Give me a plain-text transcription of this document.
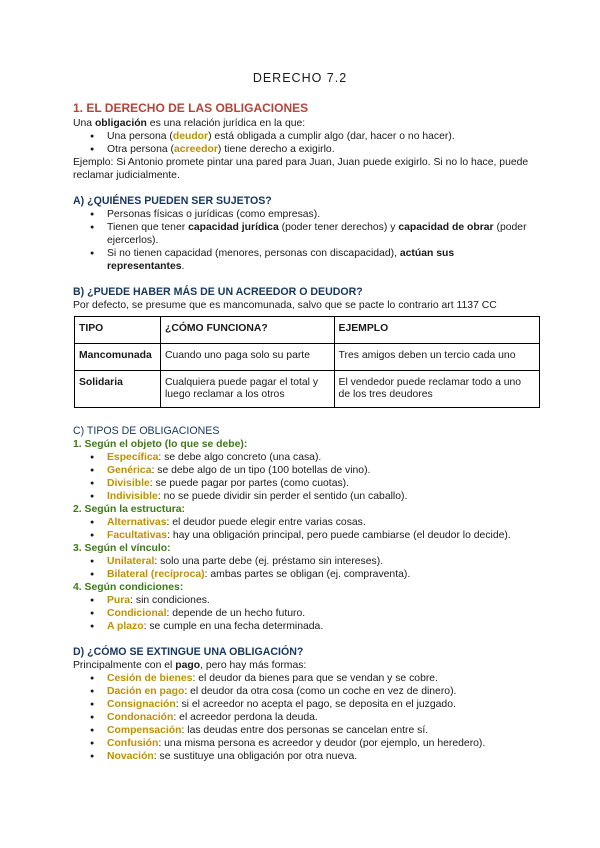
DERECHO 7.2
1. EL DERECHO DE LAS OBLIGACIONES

Una obligación es una relación jurídica en la que:

● Una persona (deudor) está obligada a cumplir algo (dar, hacer o no hacer).
● Otra persona (acreedor) tiene derecho a exigirlo.

Ejemplo: Si Antonio promete pintar una pared para Juan, Juan puede exigirlo. Si no lo hace, puede reclamar judicialmente.

A) ¿QUIÉNES PUEDEN SER SUJETOS?
● Personas físicas o jurídicas (como empresas).
● Tienen que tener capacidad jurídica (poder tener derechos) y capacidad de obrar (poder ejercerlos).
● Si no tienen capacidad (menores, personas con discapacidad), actúan sus representantes.
B) ¿PUEDE HABER MÁS DE UN ACREEDOR O DEUDOR?

Por defecto, se presume que es mancomunada, salvo que se pacte lo contrario art 1137 CC

TIPO	¿CÓMO FUNCIONA?	EJEMPLO
Mancomunada	Cuando uno paga solo su parte	Tres amigos deben un tercio cada uno
Solidaria	Cualquiera puede pagar el total y luego reclamar a los otros	El vendedor puede reclamar todo a uno de los tres deudores
C) TIPOS DE OBLIGACIONES
1. Según el objeto (lo que se debe):
● Específica: se debe algo concreto (una casa).
● Genérica: se debe algo de un tipo (100 botellas de vino).
● Divisible: se puede pagar por partes (como cuotas).
● Indivisible: no se puede dividir sin perder el sentido (un caballo).
2. Según la estructura:
● Alternativas: el deudor puede elegir entre varias cosas.
● Facultativas: hay una obligación principal, pero puede cambiarse (el deudor lo decide).
3. Según el vínculo:
● Unilateral: solo una parte debe (ej. préstamo sin intereses).
● Bilateral (recíproca): ambas partes se obligan (ej. compraventa).
4. Según condiciones:
● Pura: sin condiciones.
● Condicional: depende de un hecho futuro.
● A plazo: se cumple en una fecha determinada.
D) ¿CÓMO SE EXTINGUE UNA OBLIGACIÓN?

Principalmente con el pago, pero hay más formas:

● Cesión de bienes: el deudor da bienes para que se vendan y se cobre.
● Dación en pago: el deudor da otra cosa (como un coche en vez de dinero).
● Consignación: si el acreedor no acepta el pago, se deposita en el juzgado.
● Condonación: el acreedor perdona la deuda.
● Compensación: las deudas entre dos personas se cancelan entre sí.
● Confusión: una misma persona es acreedor y deudor (por ejemplo, un heredero).
● Novación: se sustituye una obligación por otra nueva.
